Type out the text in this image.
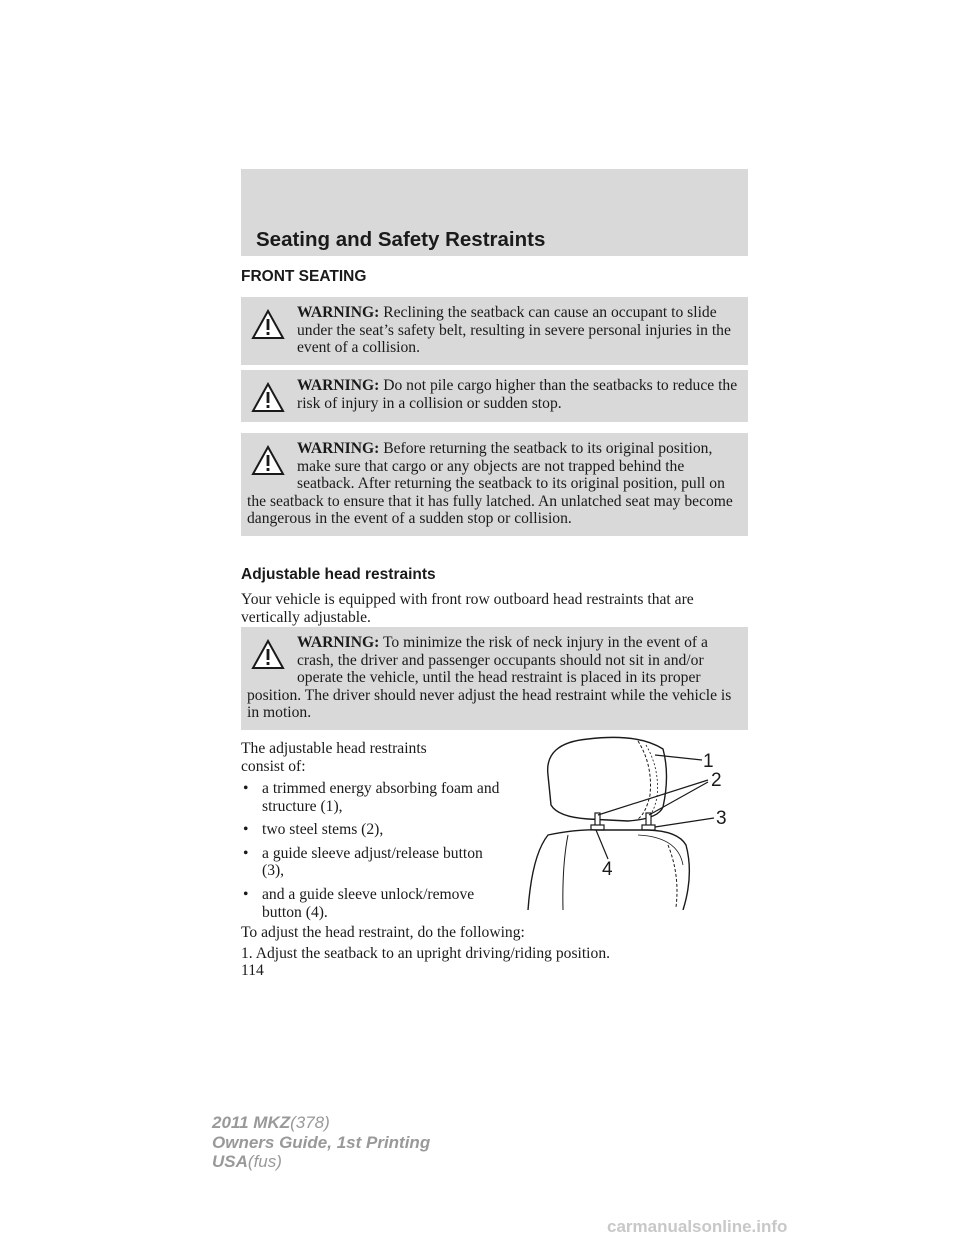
Seating and Safety Restraints
FRONT SEATING
WARNING: Reclining the seatback can cause an occupant to slide under the seat’s safety belt, resulting in severe personal injuries in the event of a collision.
WARNING: Do not pile cargo higher than the seatbacks to reduce the risk of injury in a collision or sudden stop.
WARNING: Before returning the seatback to its original position, make sure that cargo or any objects are not trapped behind the seatback. After returning the seatback to its original position, pull on the seatback to ensure that it has fully latched. An unlatched seat may become dangerous in the event of a sudden stop or collision.
Adjustable head restraints
Your vehicle is equipped with front row outboard head restraints that are vertically adjustable.
WARNING: To minimize the risk of neck injury in the event of a crash, the driver and passenger occupants should not sit in and/or operate the vehicle, until the head restraint is placed in its proper position. The driver should never adjust the head restraint while the vehicle is in motion.
The adjustable head restraints consist of:
• a trimmed energy absorbing foam and structure (1),
• two steel stems (2),
• a guide sleeve adjust/release button (3),
• and a guide sleeve unlock/remove button (4).
1
2
3
4
To adjust the head restraint, do the following:
1. Adjust the seatback to an upright driving/riding position.
114
2011 MKZ(378)
Owners Guide, 1st Printing
USA(fus)
carmanualsonline.info
